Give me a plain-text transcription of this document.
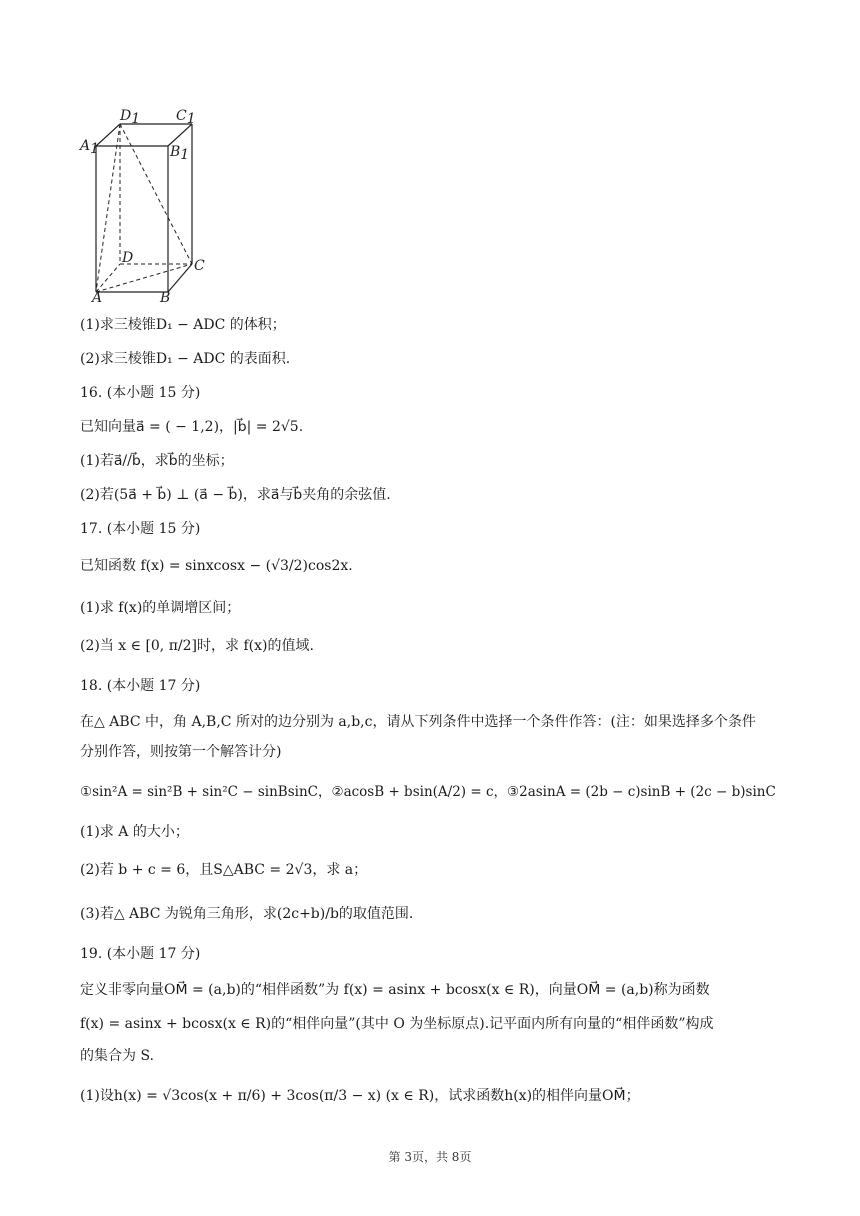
A1	B1
C1
D1
A	B
C
D
(1)求三棱锥D₁ − ADC 的体积；
(2)求三棱锥D₁ − ADC 的表面积.
16. (本小题 15 分)
已知向量a⃗ = ( − 1,2)，|b⃗| = 2√5.
(1)若a⃗//b⃗，求b⃗的坐标；
(2)若(5a⃗ + b⃗) ⊥ (a⃗ − b⃗)，求a⃗与b⃗夹角的余弦值.
17. (本小题 15 分)
已知函数 f(x) = sinxcosx − (√3/2)cos2x.
(1)求 f(x)的单调增区间；
(2)当 x ∈ [0, π/2]时，求 f(x)的值域.
18. (本小题 17 分)
在△ ABC 中，角 A,B,C 所对的边分别为 a,b,c，请从下列条件中选择一个条件作答：(注：如果选择多个条件
分别作答，则按第一个解答计分)
①sin²A = sin²B + sin²C − sinBsinC，②acosB + bsin(A/2) = c，③2asinA = (2b − c)sinB + (2c − b)sinC
(1)求 A 的大小；
(2)若 b + c = 6，且S△ABC = 2√3，求 a；
(3)若△ ABC 为锐角三角形，求(2c+b)/b的取值范围.
19. (本小题 17 分)
定义非零向量OM⃗ = (a,b)的“相伴函数”为 f(x) = asinx + bcosx(x ∈ R)，向量OM⃗ = (a,b)称为函数
f(x) = asinx + bcosx(x ∈ R)的“相伴向量”(其中 O 为坐标原点).记平面内所有向量的“相伴函数”构成
的集合为 S.
(1)设h(x) = √3cos(x + π/6) + 3cos(π/3 − x) (x ∈ R)，试求函数h(x)的相伴向量OM⃗；
第 3页，共 8页
